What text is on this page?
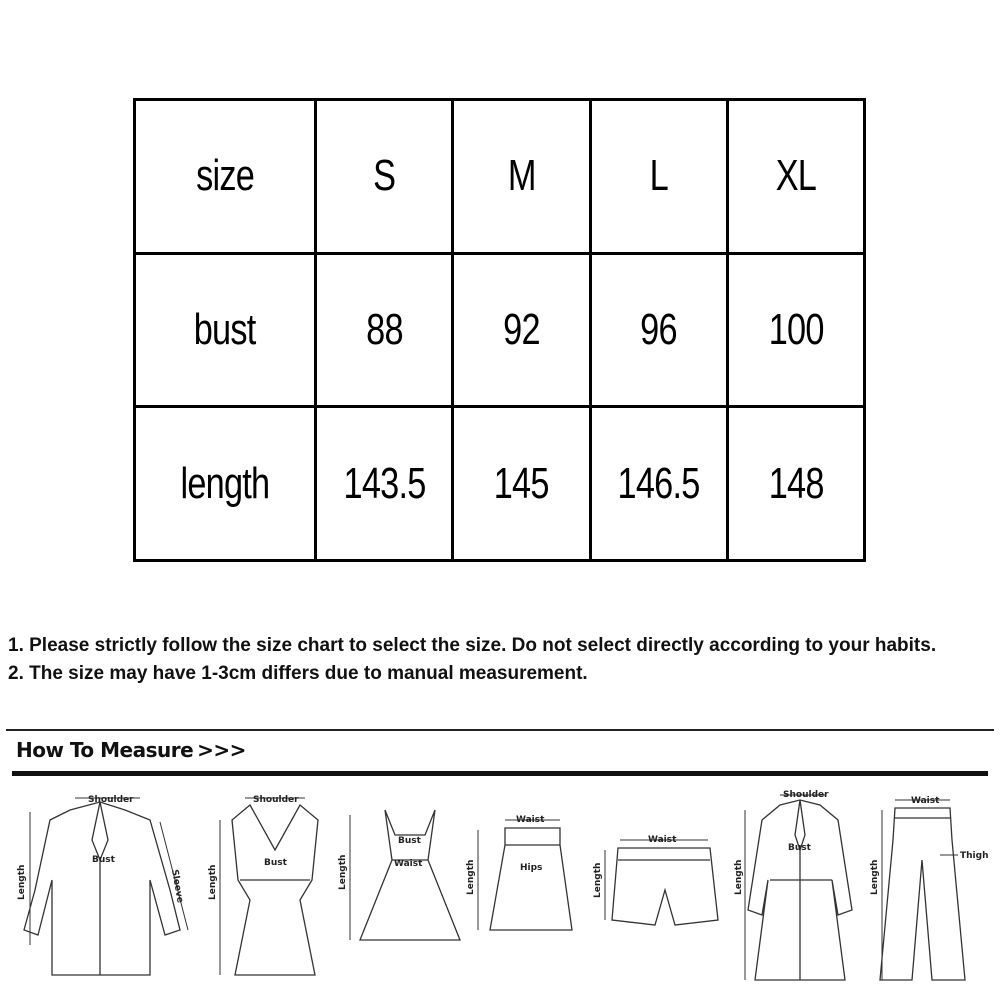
size	S	M	L	XL
bust	88	92	96	100
length	143.5	145	146.5	148

1. Please strictly follow the size chart to select the size. Do not select directly according to your habits.

2. The size may have 1-3cm differs due to manual measurement.

How To Measure >>>
Shoulder
Bust
Sleeve
Length
Shoulder
Bust
Length
Bust
Waist
Length
Waist
Hips
Length
Waist
Length
Shoulder
Bust
Length
Waist
Thigh
Length
